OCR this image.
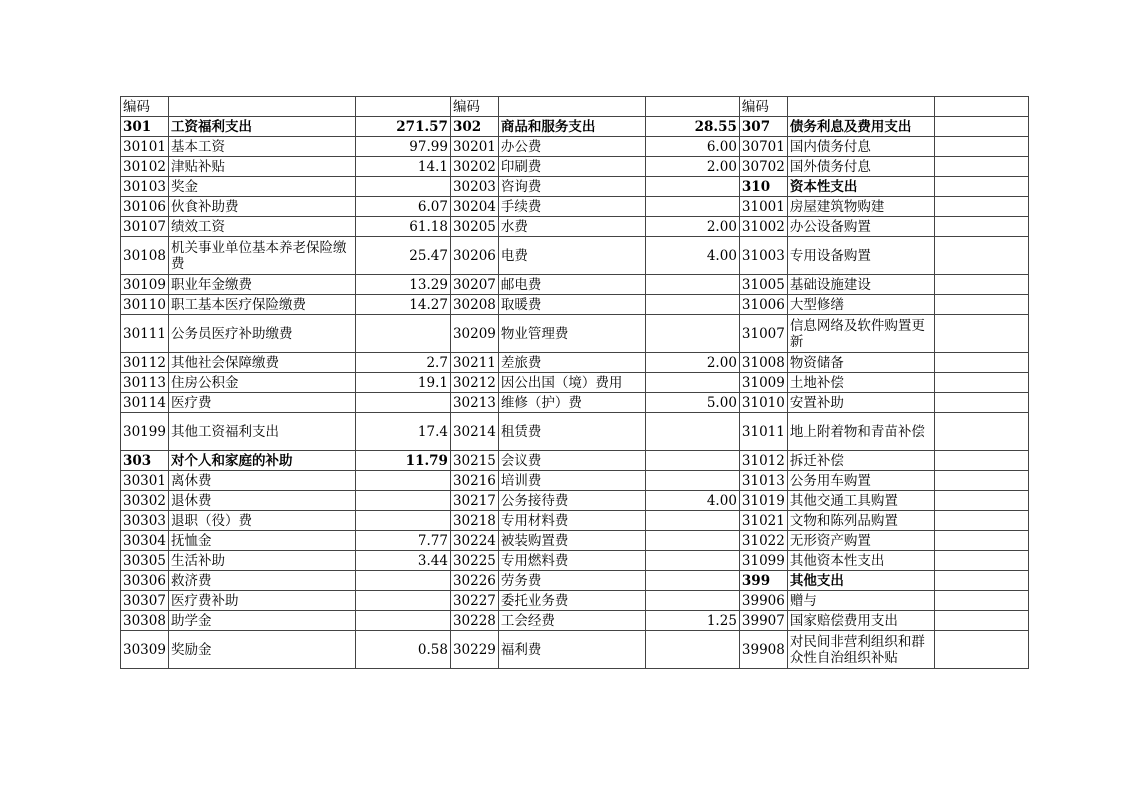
编码			编码			编码		
301	工资福利支出	271.57	302	商品和服务支出	28.55	307	债务利息及费用支出	
30101	基本工资	97.99	30201	办公费	6.00	30701	国内债务付息	
30102	津贴补贴	14.1	30202	印刷费	2.00	30702	国外债务付息	
30103	奖金		30203	咨询费		310	资本性支出	
30106	伙食补助费	6.07	30204	手续费		31001	房屋建筑物购建	
30107	绩效工资	61.18	30205	水费	2.00	31002	办公设备购置	
30108	机关事业单位基本养老保险缴费	25.47	30206	电费	4.00	31003	专用设备购置	
30109	职业年金缴费	13.29	30207	邮电费		31005	基础设施建设	
30110	职工基本医疗保险缴费	14.27	30208	取暖费		31006	大型修缮	
30111	公务员医疗补助缴费		30209	物业管理费		31007	信息网络及软件购置更新	
30112	其他社会保障缴费	2.7	30211	差旅费	2.00	31008	物资储备	
30113	住房公积金	19.1	30212	因公出国（境）费用		31009	土地补偿	
30114	医疗费		30213	维修（护）费	5.00	31010	安置补助	
30199	其他工资福利支出	17.4	30214	租赁费		31011	地上附着物和青苗补偿	
303	对个人和家庭的补助	11.79	30215	会议费		31012	拆迁补偿	
30301	离休费		30216	培训费		31013	公务用车购置	
30302	退休费		30217	公务接待费	4.00	31019	其他交通工具购置	
30303	退职（役）费		30218	专用材料费		31021	文物和陈列品购置	
30304	抚恤金	7.77	30224	被装购置费		31022	无形资产购置	
30305	生活补助	3.44	30225	专用燃料费		31099	其他资本性支出	
30306	救济费		30226	劳务费		399	其他支出	
30307	医疗费补助		30227	委托业务费		39906	赠与	
30308	助学金		30228	工会经费	1.25	39907	国家赔偿费用支出	
30309	奖励金	0.58	30229	福利费		39908	对民间非营利组织和群众性自治组织补贴	
